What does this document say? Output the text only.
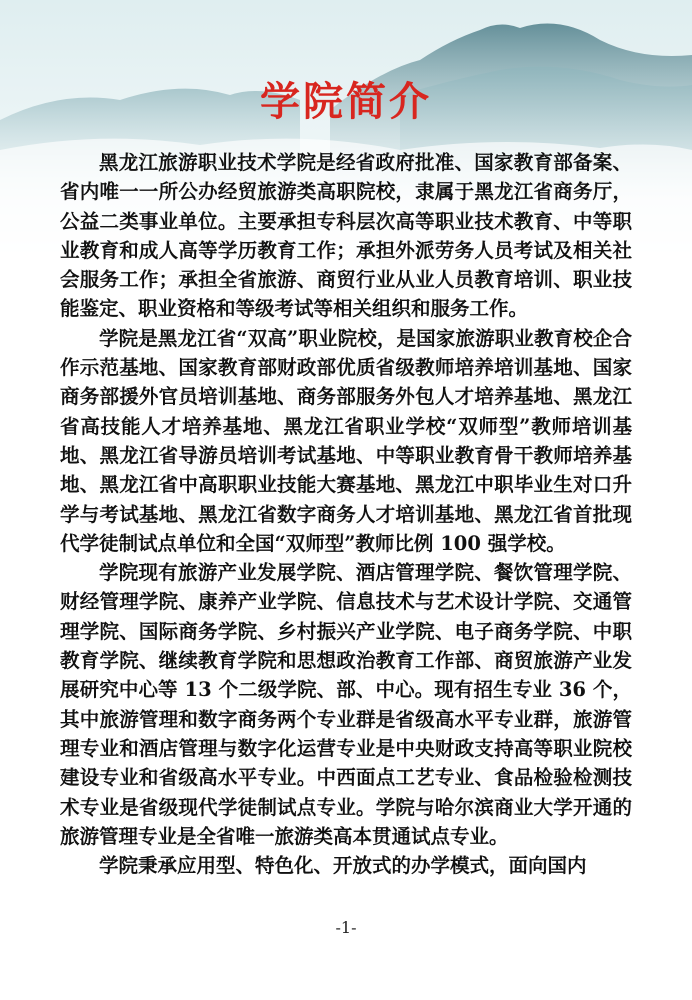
学院简介

黑龙江旅游职业技术学院是经省政府批准、国家教育部备案、省内唯一一所公办经贸旅游类高职院校，隶属于黑龙江省商务厅，公益二类事业单位。主要承担专科层次高等职业技术教育、中等职业教育和成人高等学历教育工作；承担外派劳务人员考试及相关社会服务工作；承担全省旅游、商贸行业从业人员教育培训、职业技能鉴定、职业资格和等级考试等相关组织和服务工作。

学院是黑龙江省“双高”职业院校，是国家旅游职业教育校企合作示范基地、国家教育部财政部优质省级教师培养培训基地、国家商务部援外官员培训基地、商务部服务外包人才培养基地、黑龙江省高技能人才培养基地、黑龙江省职业学校“双师型”教师培训基地、黑龙江省导游员培训考试基地、中等职业教育骨干教师培养基地、黑龙江省中高职职业技能大赛基地、黑龙江中职毕业生对口升学与考试基地、黑龙江省数字商务人才培训基地、黑龙江省首批现代学徒制试点单位和全国“双师型”教师比例 100 强学校。

学院现有旅游产业发展学院、酒店管理学院、餐饮管理学院、财经管理学院、康养产业学院、信息技术与艺术设计学院、交通管理学院、国际商务学院、乡村振兴产业学院、电子商务学院、中职教育学院、继续教育学院和思想政治教育工作部、商贸旅游产业发展研究中心等 13 个二级学院、部、中心。现有招生专业 36 个，其中旅游管理和数字商务两个专业群是省级高水平专业群，旅游管理专业和酒店管理与数字化运营专业是中央财政支持高等职业院校建设专业和省级高水平专业。中西面点工艺专业、食品检验检测技术专业是省级现代学徒制试点专业。学院与哈尔滨商业大学开通的旅游管理专业是全省唯一旅游类高本贯通试点专业。

学院秉承应用型、特色化、开放式的办学模式，面向国内

-1-
